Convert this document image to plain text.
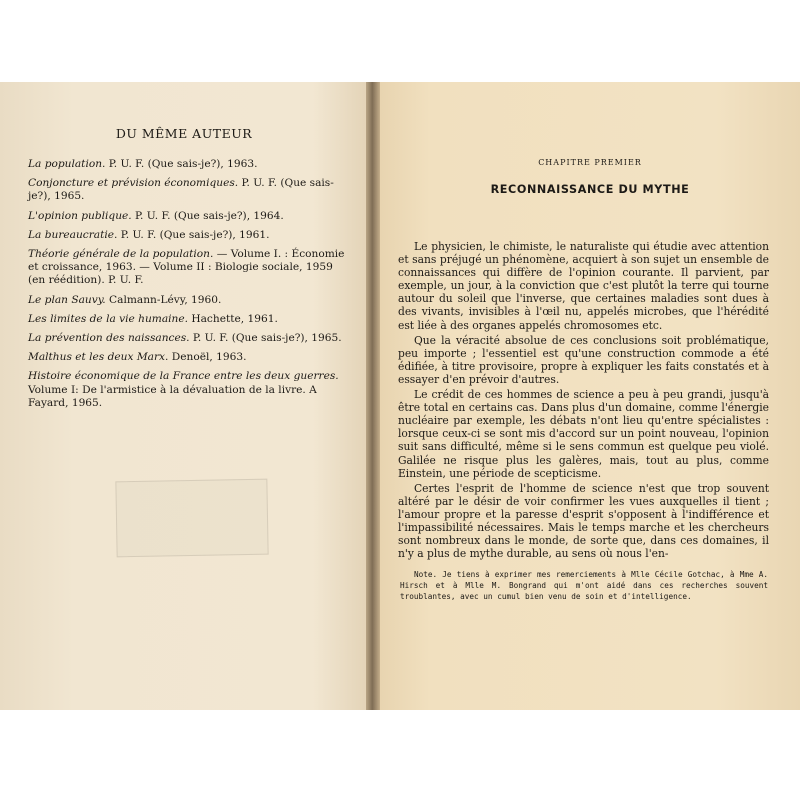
DU MÊME AUTEUR
La population. P. U. F. (Que sais-je?), 1963.
Conjoncture et prévision économiques. P. U. F. (Que sais-je?), 1965.
L'opinion publique. P. U. F. (Que sais-je?), 1964.
La bureaucratie. P. U. F. (Que sais-je?), 1961.
Théorie générale de la population. — Volume I. : Économie et croissance, 1963. — Volume II : Biologie sociale, 1959 (en réédition). P. U. F.
Le plan Sauvy. Calmann-Lévy, 1960.
Les limites de la vie humaine. Hachette, 1961.
La prévention des naissances. P. U. F. (Que sais-je?), 1965.
Malthus et les deux Marx. Denoël, 1963.
Histoire économique de la France entre les deux guerres. Volume I: De l'armistice à la dévaluation de la livre. A Fayard, 1965.
CHAPITRE PREMIER
RECONNAISSANCE DU MYTHE

Le physicien, le chimiste, le naturaliste qui étudie avec attention et sans préjugé un phénomène, acquiert à son sujet un ensemble de connaissances qui diffère de l'opinion courante. Il parvient, par exemple, un jour, à la conviction que c'est plutôt la terre qui tourne autour du soleil que l'inverse, que certaines maladies sont dues à des vivants, invisibles à l'œil nu, appelés microbes, que l'hérédité est liée à des organes appelés chromosomes etc.

Que la véracité absolue de ces conclusions soit problématique, peu importe ; l'essentiel est qu'une construction commode a été édifiée, à titre provisoire, propre à expliquer les faits constatés et à essayer d'en prévoir d'autres.

Le crédit de ces hommes de science a peu à peu grandi, jusqu'à être total en certains cas. Dans plus d'un domaine, comme l'énergie nucléaire par exemple, les débats n'ont lieu qu'entre spécialistes : lorsque ceux-ci se sont mis d'accord sur un point nouveau, l'opinion suit sans difficulté, même si le sens commun est quelque peu violé. Galilée ne risque plus les galères, mais, tout au plus, comme Einstein, une période de scepticisme.

Certes l'esprit de l'homme de science n'est que trop souvent altéré par le désir de voir confirmer les vues auxquelles il tient ; l'amour propre et la paresse d'esprit s'opposent à l'indifférence et l'impassibilité nécessaires. Mais le temps marche et les chercheurs sont nombreux dans le monde, de sorte que, dans ces domaines, il n'y a plus de mythe durable, au sens où nous l'en-

Note. Je tiens à exprimer mes remerciements à Mlle Cécile Gotchac, à Mme A. Hirsch et à Mlle M. Bongrand qui m'ont aidé dans ces recherches souvent troublantes, avec un cumul bien venu de soin et d'intelligence.
